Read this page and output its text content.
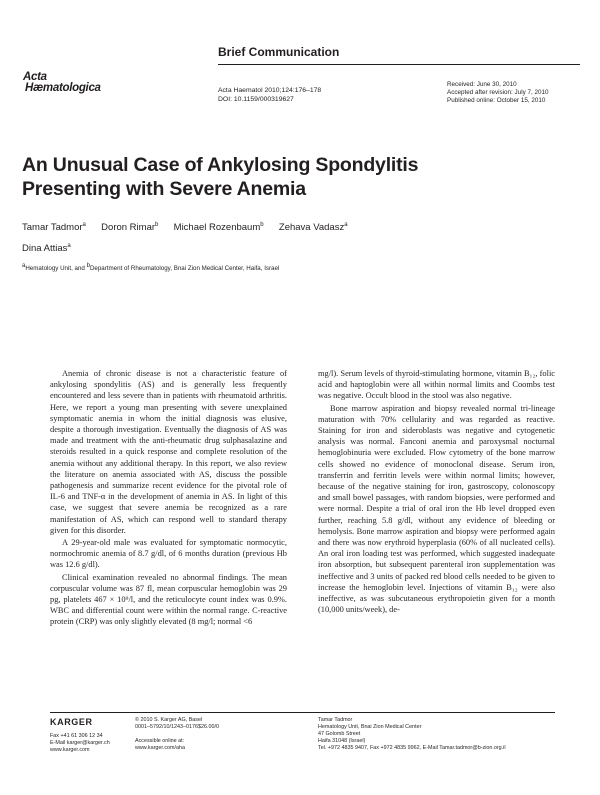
Brief Communication
Acta
Hæmatologica	Acta Haematol 2010;124:176–178
DOI: 10.1159/000319627
Received: June 30, 2010
Accepted after revision: July 7, 2010
Published online: October 15, 2010
An Unusual Case of Ankylosing Spondylitis
Presenting with Severe Anemia
Tamar Tadmor$^a$ Doron Rimar$^b$ Michael Rozenbaum$^b$ Zehava Vadasz$^a$
Dina Attias$^a$
$^a$Hematology Unit, and $^b$Department of Rheumatology, Bnai Zion Medical Center, Haifa, Israel

Anemia of chronic disease is not a characteristic feature of ankylosing spondylitis (AS) and is generally less frequently encountered and less severe than in patients with rheumatoid arthritis. Here, we report a young man presenting with severe unexplained symptomatic anemia in whom the initial diagnosis was elusive, despite a thorough investigation. Eventually the diagnosis of AS was made and treatment with the anti-rheumatic drug sulphasalazine and steroids resulted in a quick response and complete resolution of the anemia without any additional therapy. In this report, we also review the literature on anemia associated with AS, discuss the possible pathogenesis and summarize recent evidence for the pivotal role of IL-6 and TNF-α in the development of anemia in AS. In light of this case, we suggest that severe anemia be recognized as a rare manifestation of AS, which can respond well to standard therapy given for this disorder.

A 29-year-old male was evaluated for symptomatic normocytic, normochromic anemia of 8.7 g/dl, of 6 months duration (previous Hb was 12.6 g/dl).

Clinical examination revealed no abnormal findings. The mean corpuscular volume was 87 fl, mean corpuscular hemoglobin was 29 pg, platelets 467 × 10⁹/l, and the reticulocyte count index was 0.9%. WBC and differential count were within the normal range. C-reactive protein (CRP) was only slightly elevated (8 mg/l; normal <6

mg/l). Serum levels of thyroid-stimulating hormone, vitamin B₁₂, folic acid and haptoglobin were all within normal limits and Coombs test was negative. Occult blood in the stool was also negative.

Bone marrow aspiration and biopsy revealed normal tri-lineage maturation with 70% cellularity and was regarded as reactive. Staining for iron and sideroblasts was negative and cytogenetic analysis was normal. Fanconi anemia and paroxysmal nocturnal hemoglobinuria were excluded. Flow cytometry of the bone marrow cells showed no evidence of monoclonal disease. Serum iron, transferrin and ferritin levels were within normal limits; however, because of the negative staining for iron, gastroscopy, colonoscopy and small bowel passages, with random biopsies, were performed and were normal. Despite a trial of oral iron the Hb level dropped even further, reaching 5.8 g/dl, without any evidence of bleeding or hemolysis. Bone marrow aspiration and biopsy were performed again and there was now erythroid hyperplasia (60% of all nucleated cells). An oral iron loading test was performed, which suggested inadequate iron absorption, but subsequent parenteral iron supplementation was ineffective and 3 units of packed red blood cells needed to be given to increase the hemoglobin level. Injections of vitamin B₁₂ were also ineffective, as was subcutaneous erythropoietin given for a month (10,000 units/week), de-

KARGER
Fax +41 61 306 12 34
E-Mail karger@karger.ch
www.karger.com
© 2010 S. Karger AG, Basel
0001–5792/10/1243–0176$26.00/0
Accessible online at:
www.karger.com/aha
Tamar Tadmor
Hematology Unit, Bnai Zion Medical Center
47 Golomb Street
Haifa 31048 (Israel)
Tel. +972 4835 9407, Fax +972 4835 9962, E-Mail Tamar.tadmor@b-zion.org.il
